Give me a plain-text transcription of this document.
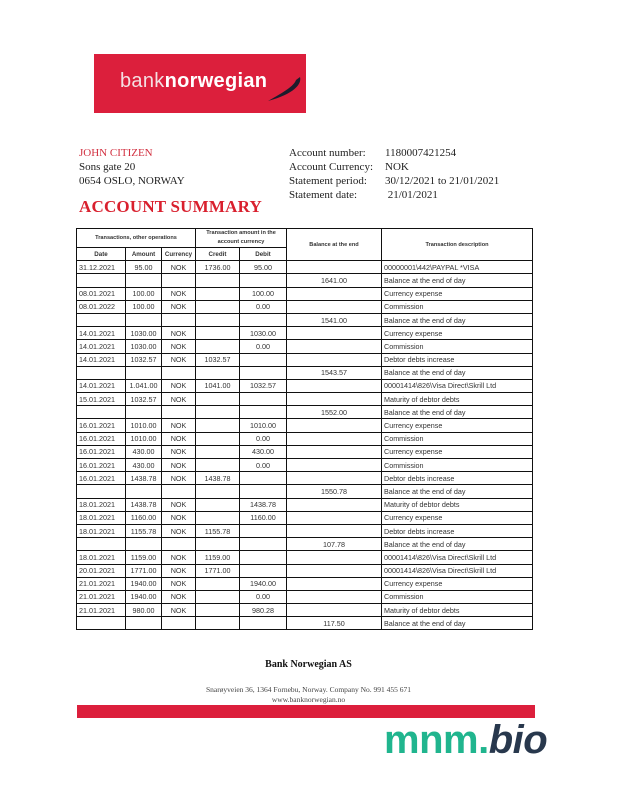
banknorwegian
JOHN CITIZEN
Sons gate 20
0654 OSLO, NORWAY
Account number:	1180007421254
Account Currency:	NOK
Statement period:	30/12/2021 to 21/01/2021
Statement date:	21/01/2021
ACCOUNT SUMMARY
Transactions, other operations			Transaction amount in the account currency		Balance at the end	Transaction description
Date	Amount	Currency	Credit	Debit		
31.12.2021	95.00	NOK	1736.00	95.00		00000001\442\PAYPAL *VISA
					1641.00	Balance at the end of day
08.01.2021	100.00	NOK		100.00		Currency expense
08.01.2022	100.00	NOK		0.00		Commission
					1541.00	Balance at the end of day
14.01.2021	1030.00	NOK		1030.00		Currency expense
14.01.2021	1030.00	NOK		0.00		Commission
14.01.2021	1032.57	NOK	1032.57			Debtor debts increase
					1543.57	Balance at the end of day
14.01.2021	1.041.00	NOK	1041.00	1032.57		00001414\826\Visa Direct\Skrill Ltd
15.01.2021	1032.57	NOK				Maturity of debtor debts
					1552.00	Balance at the end of day
16.01.2021	1010.00	NOK		1010.00		Currency expense
16.01.2021	1010.00	NOK		0.00		Commission
16.01.2021	430.00	NOK		430.00		Currency expense
16.01.2021	430.00	NOK		0.00		Commission
16.01.2021	1438.78	NOK	1438.78			Debtor debts increase
					1550.78	Balance at the end of day
18.01.2021	1438.78	NOK		1438.78		Maturity of debtor debts
18.01.2021	1160.00	NOK		1160.00		Currency expense
18.01.2021	1155.78	NOK	1155.78			Debtor debts increase
					107.78	Balance at the end of day
18.01.2021	1159.00	NOK	1159.00			00001414\826\Visa Direct\Skrill Ltd
20.01.2021	1771.00	NOK	1771.00			00001414\826\Visa Direct\Skrill Ltd
21.01.2021	1940.00	NOK		1940.00		Currency expense
21.01.2021	1940.00	NOK		0.00		Commission
21.01.2021	980.00	NOK		980.28		Maturity of debtor debts
					117.50	Balance at the end of day
Bank Norwegian AS
Snarøyveien 36, 1364 Fornebu, Norway. Company No. 991 455 671
www.banknorwegian.no
mnm.bio
